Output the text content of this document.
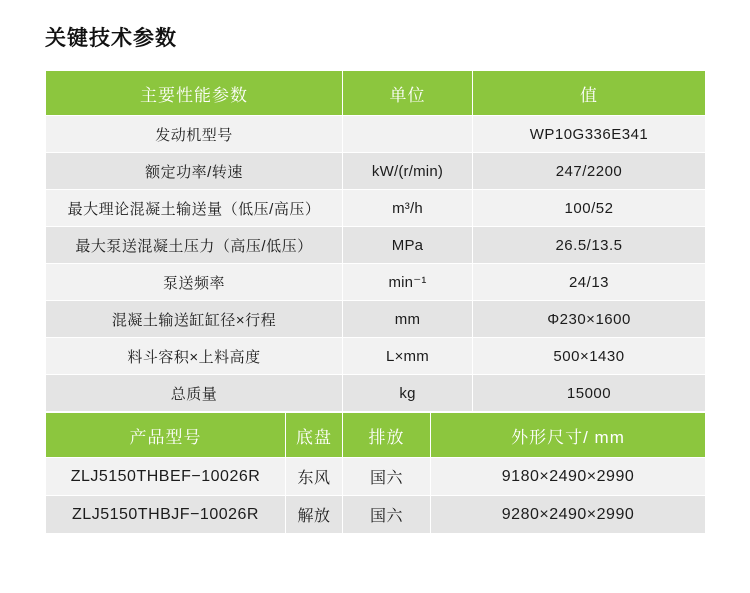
关键技术参数
主要性能参数	单位	值
发动机型号		WP10G336E341
额定功率/转速	kW/(r/min)	247/2200
最大理论混凝土输送量（低压/高压）	m³/h	100/52
最大泵送混凝土压力（高压/低压）	MPa	26.5/13.5
泵送频率	min⁻¹	24/13
混凝土输送缸缸径×行程	mm	Φ230×1600
料斗容积×上料高度	L×mm	500×1430
总质量	kg	15000
产品型号	底盘	排放	外形尺寸/ mm
ZLJ5150THBEF−10026R	东风	国六	9180×2490×2990
ZLJ5150THBJF−10026R	解放	国六	9280×2490×2990
